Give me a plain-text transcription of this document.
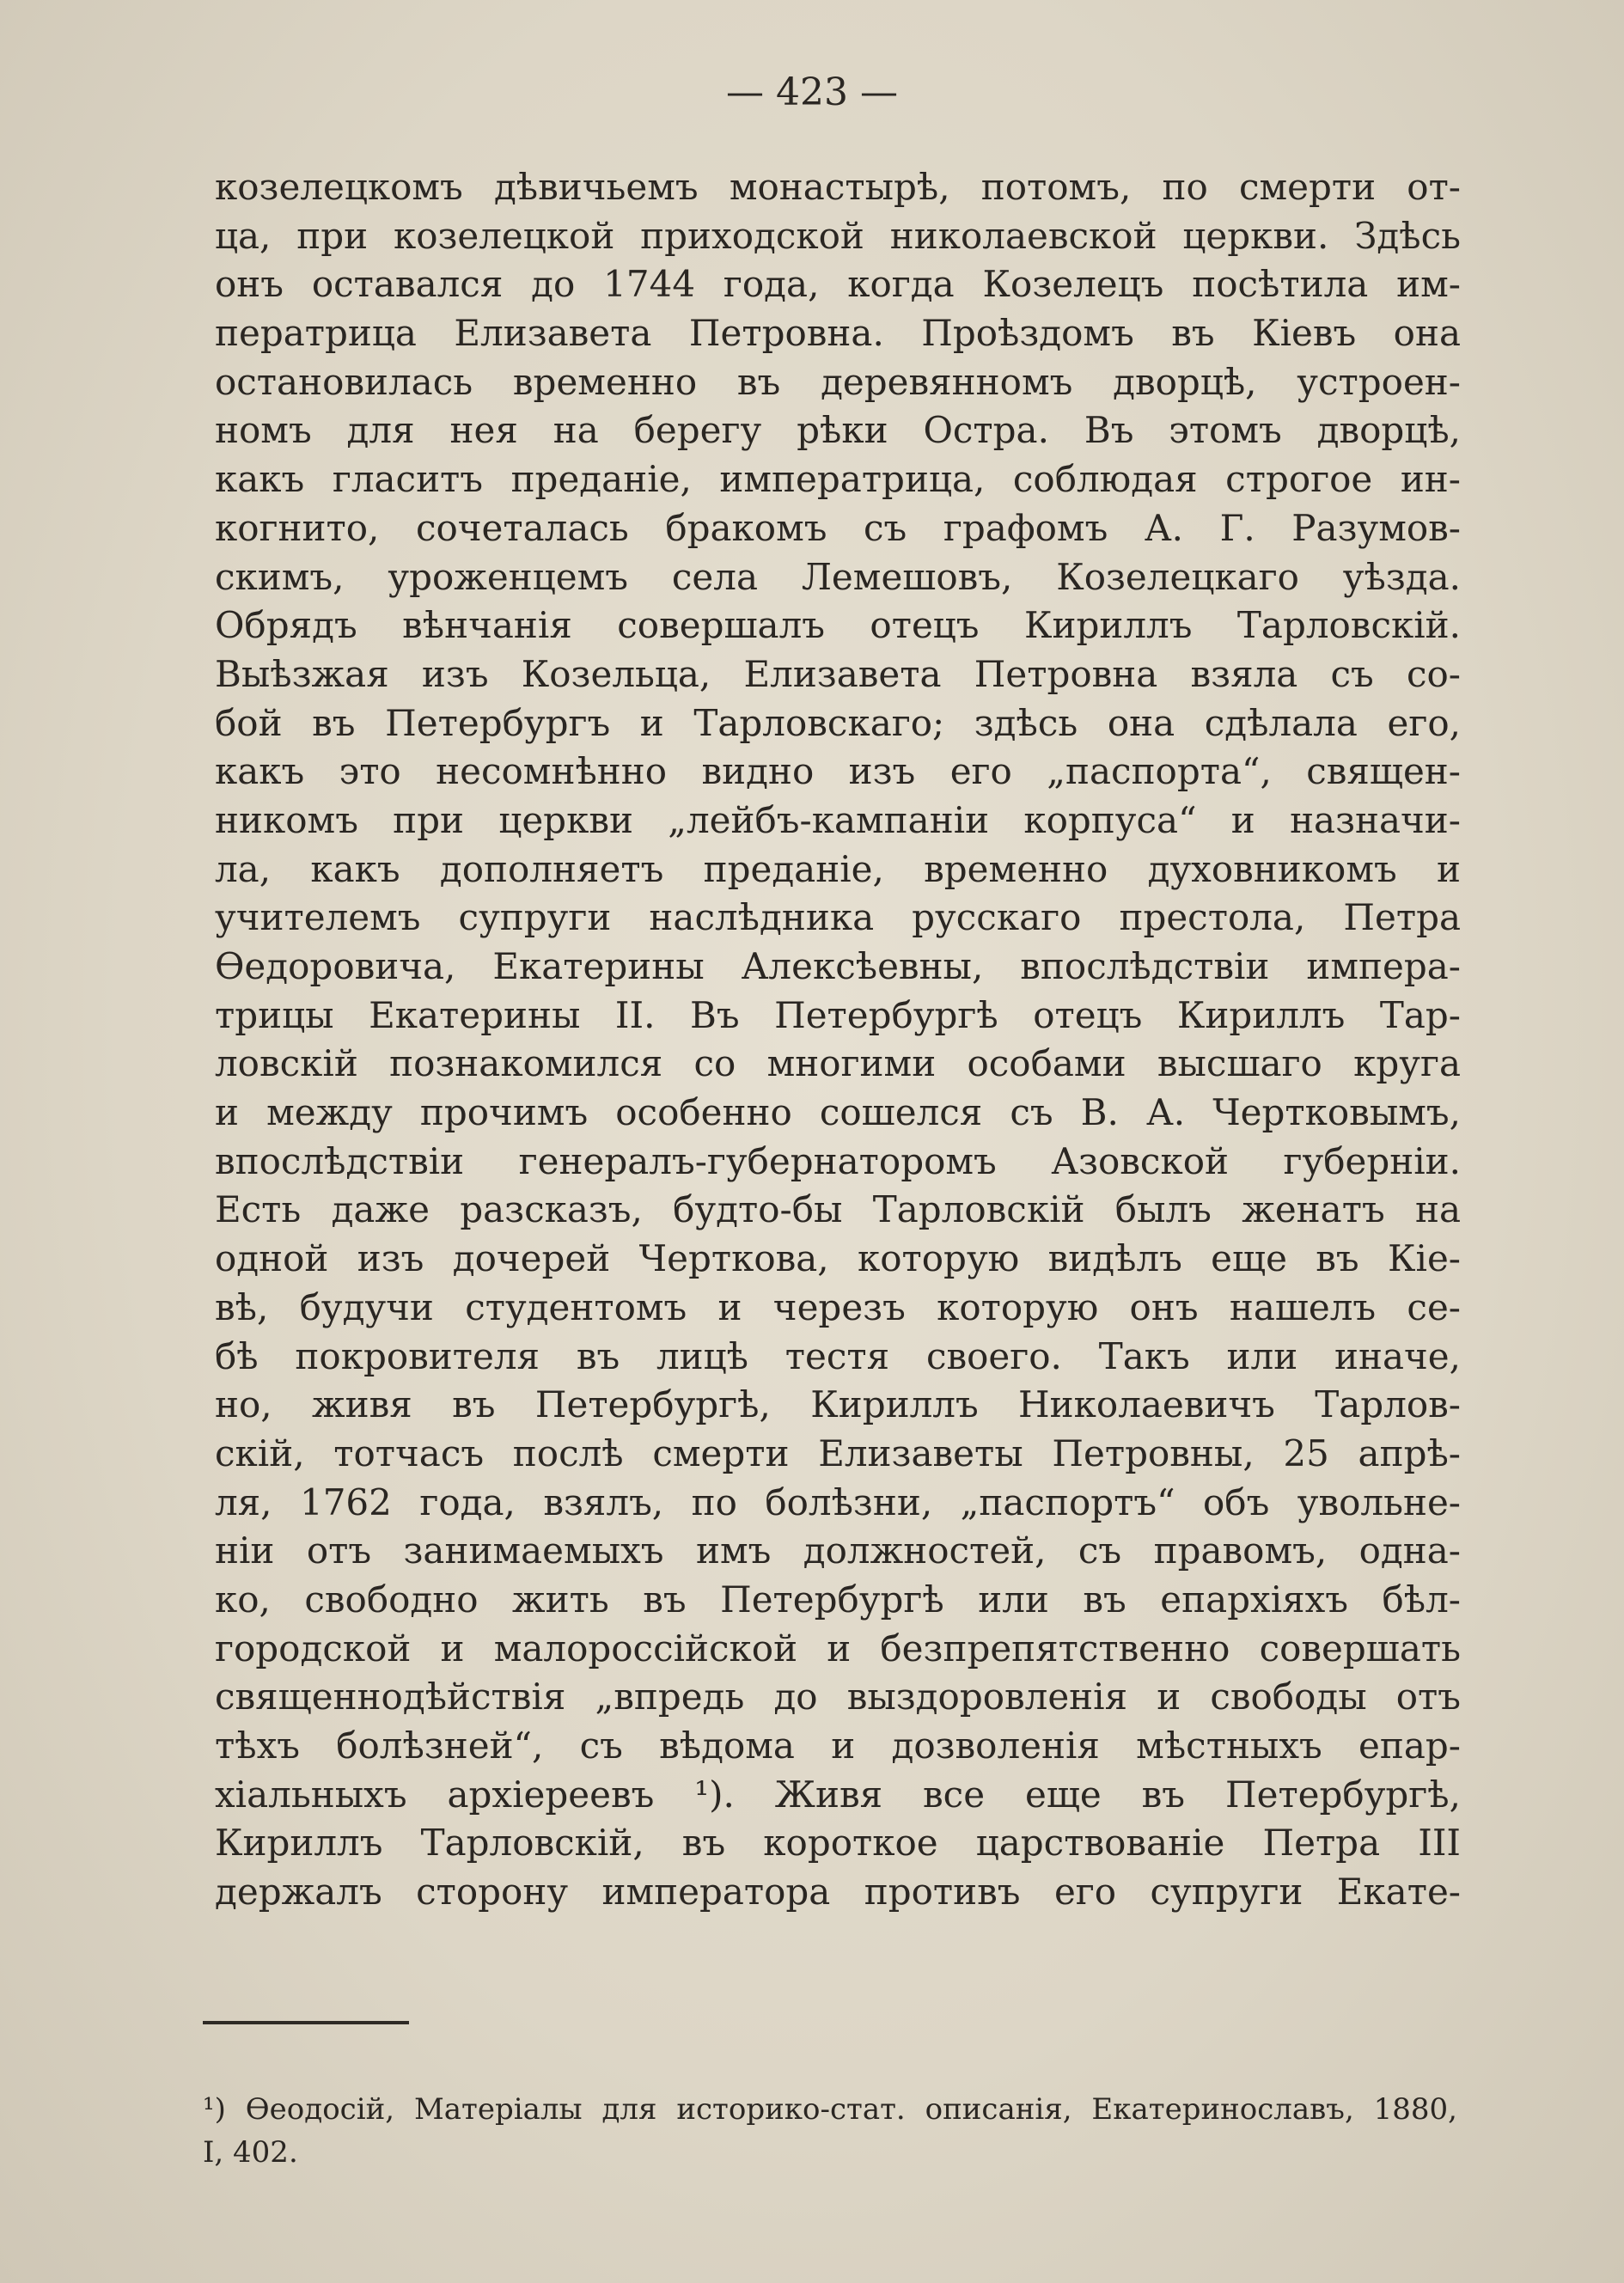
— 423 —
козелецкомъ дѣвичьемъ монастырѣ, потомъ, по смерти от-
ца, при козелецкой приходской николаевской церкви. Здѣсь
онъ оставался до 1744 года, когда Козелецъ посѣтила им-
ператрица Елизавета Петровна. Проѣздомъ въ Кіевъ она
остановилась временно въ деревянномъ дворцѣ, устроен-
номъ для нея на берегу рѣки Остра. Въ этомъ дворцѣ,
какъ гласитъ преданіе, императрица, соблюдая строгое ин-
когнито, сочеталась бракомъ съ графомъ А. Г. Разумов-
скимъ, уроженцемъ села Лемешовъ, Козелецкаго уѣзда.
Обрядъ вѣнчанія совершалъ отецъ Кириллъ Тарловскій.
Выѣзжая изъ Козельца, Елизавета Петровна взяла съ со-
бой въ Петербургъ и Тарловскаго; здѣсь она сдѣлала его,
какъ это несомнѣнно видно изъ его „паспорта“, священ-
никомъ при церкви „лейбъ-кампаніи корпуса“ и назначи-
ла, какъ дополняетъ преданіе, временно духовникомъ и
учителемъ супруги наслѣдника русскаго престола, Петра
Ѳедоровича, Екатерины Алексѣевны, впослѣдствіи импера-
трицы Екатерины II. Въ Петербургѣ отецъ Кириллъ Тар-
ловскій познакомился со многими особами высшаго круга
и между прочимъ особенно сошелся съ В. А. Чертковымъ,
впослѣдствіи генералъ-губернаторомъ Азовской губерніи.
Есть даже разсказъ, будто-бы Тарловскій былъ женатъ на
одной изъ дочерей Черткова, которую видѣлъ еще въ Кіе-
вѣ, будучи студентомъ и черезъ которую онъ нашелъ се-
бѣ покровителя въ лицѣ тестя своего. Такъ или иначе,
но, живя въ Петербургѣ, Кириллъ Николаевичъ Тарлов-
скій, тотчасъ послѣ смерти Елизаветы Петровны, 25 апрѣ-
ля, 1762 года, взялъ, по болѣзни, „паспортъ“ объ увольне-
ніи отъ занимаемыхъ имъ должностей, съ правомъ, одна-
ко, свободно жить въ Петербургѣ или въ епархіяхъ бѣл-
городской и малороссійской и безпрепятственно совершать
священнодѣйствія „впредь до выздоровленія и свободы отъ
тѣхъ болѣзней“, съ вѣдома и дозволенія мѣстныхъ епар-
хіальныхъ архіереевъ ¹). Живя все еще въ Петербургѣ,
Кириллъ Тарловскій, въ короткое царствованіе Петра III
держалъ сторону императора противъ его супруги Екате-
¹) Ѳеодосій, Матеріалы для историко-стат. описанія, Екатеринославъ, 1880,
I, 402.
